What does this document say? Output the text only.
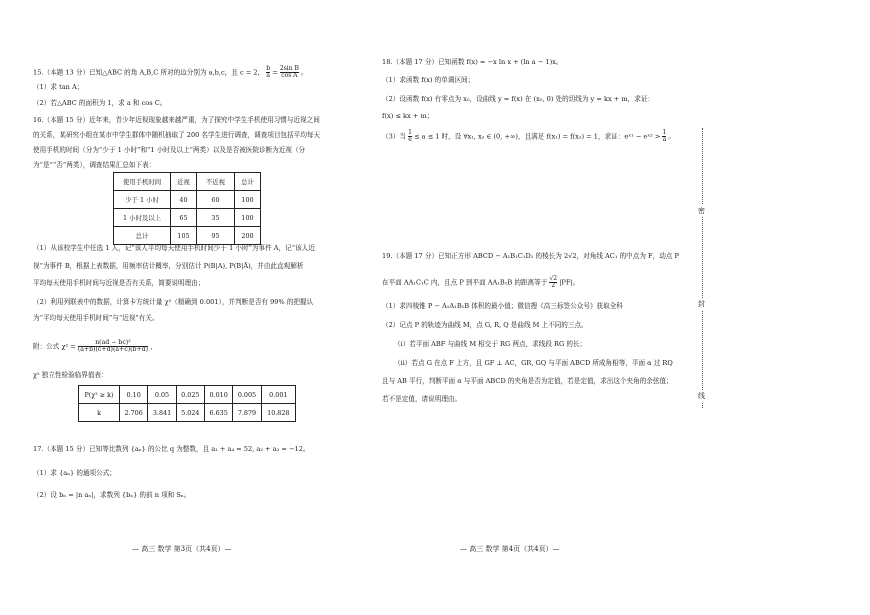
15.（本题 13 分）已知△ABC 的角 A,B,C 所对的边分别为 a,b,c，且 c = 2， $\frac{b}{a} = \frac{\text{2sin B}}{\text{cos A}}$ 。
（1）求 tan A；
（2）若△ABC 的面积为 1，求 a 和 cos C。
16.（本题 15 分）近年来，青少年近视现象越来越严重，为了探究中学生手机使用习惯与近视之间
的关系，某研究小组在某市中学生群体中随机抽取了 200 名学生进行调查，调查项目包括平均每天
使用手机的时间（分为“少于 1 小时”和“1 小时及以上”两类）以及是否被医院诊断为近视（分
为“是”“否”两类），调查结果汇总如下表：
使用手机时间	近视	不近视	总计
少于 1 小时	40	60	100
1 小时及以上	65	35	100
总计	105	95	200
（1）从该校学生中任选 1 人，记“该人平均每天使用手机时间少于 1 小时”为事件 A，记“该人近
视”为事件 B，根据上表数据，用频率估计概率，分别估计 P(B|A), P(B|Ā)，并由此直观解析
平均每天使用手机时间与近视是否有关系，简要说明理由；
（2）利用列联表中的数据，计算卡方统计量 χ²（精确到 0.001），并判断是否有 99% 的把握认
为“平均每天使用手机时间”与“近视”有关。
附：公式 $\chi^2 = \frac{\text{n(ad − bc)²}}{(a+b)(c+d)(a+c)(b+d)}$ ，
χ² 独立性检验临界值表：
P(χ² ≥ k)	0.10	0.05	0.025	0.010	0.005	0.001
k	2.706	3.841	5.024	6.635	7.879	10.828
17.（本题 15 分）已知等比数列 {aₙ} 的公比 q 为整数，且 a₁ + a₄ = 52, a₂ + a₃ = −12。
（1）求 {aₙ} 的通项公式；
（2）设 bₙ = |n aₙ|，求数列 {bₙ} 的前 n 项和 Sₙ。
— 高三 数学 第3页（共4页）—
18.（本题 17 分）已知函数 f(x) = −x ln x + (ln a − 1)x。
（1）求函数 f(x) 的单调区间；
（2）设函数 f(x) 有零点为 x₀，设曲线 y = f(x) 在 (x₀, 0) 处的切线为 y = kx + m，求证：
f(x) ≤ kx + m；
（3）当 $\frac{1}{e} \le a \le 1$ 时，设 ∀x₁, x₂ ∈ (0, +∞)，且满足 f(x₁) = f(x₂) = 1，求证：eˣ¹ − eˣ² > $\frac{1}{a}$ 。
19.（本题 17 分）已知正方形 ABCD − A₁B₁C₁D₁ 的棱长为 2√2，对角线 AC₁ 的中点为 F，动点 P
在平面 AA₁C₁C 内，且点 P 到平面 AA₁B₁B 的距离等于 $\frac{√2}{2} |PF|$。
（1）求四棱锥 P − A₁A₁B₁B 体积的最小值；微信搜《高三标签公众号》获取全科
（2）记点 P 的轨迹为曲线 M，点 G, R, Q 是曲线 M 上不同的三点。
（ⅰ）若平面 ABF 与曲线 M 相交于 RG 两点，求线段 RG 的长；
（ⅱ）若点 G 在点 F 上方，且 GF ⊥ AC，GR, GQ 与平面 ABCD 所成角相等，平面 α 过 RQ
且与 AB 平行，判断平面 α 与平面 ABCD 的夹角是否为定值，若是定值，求出这个夹角的余弦值；
若不是定值，请说明理由。
— 高三 数学 第4页（共4页）—
密
封
线
